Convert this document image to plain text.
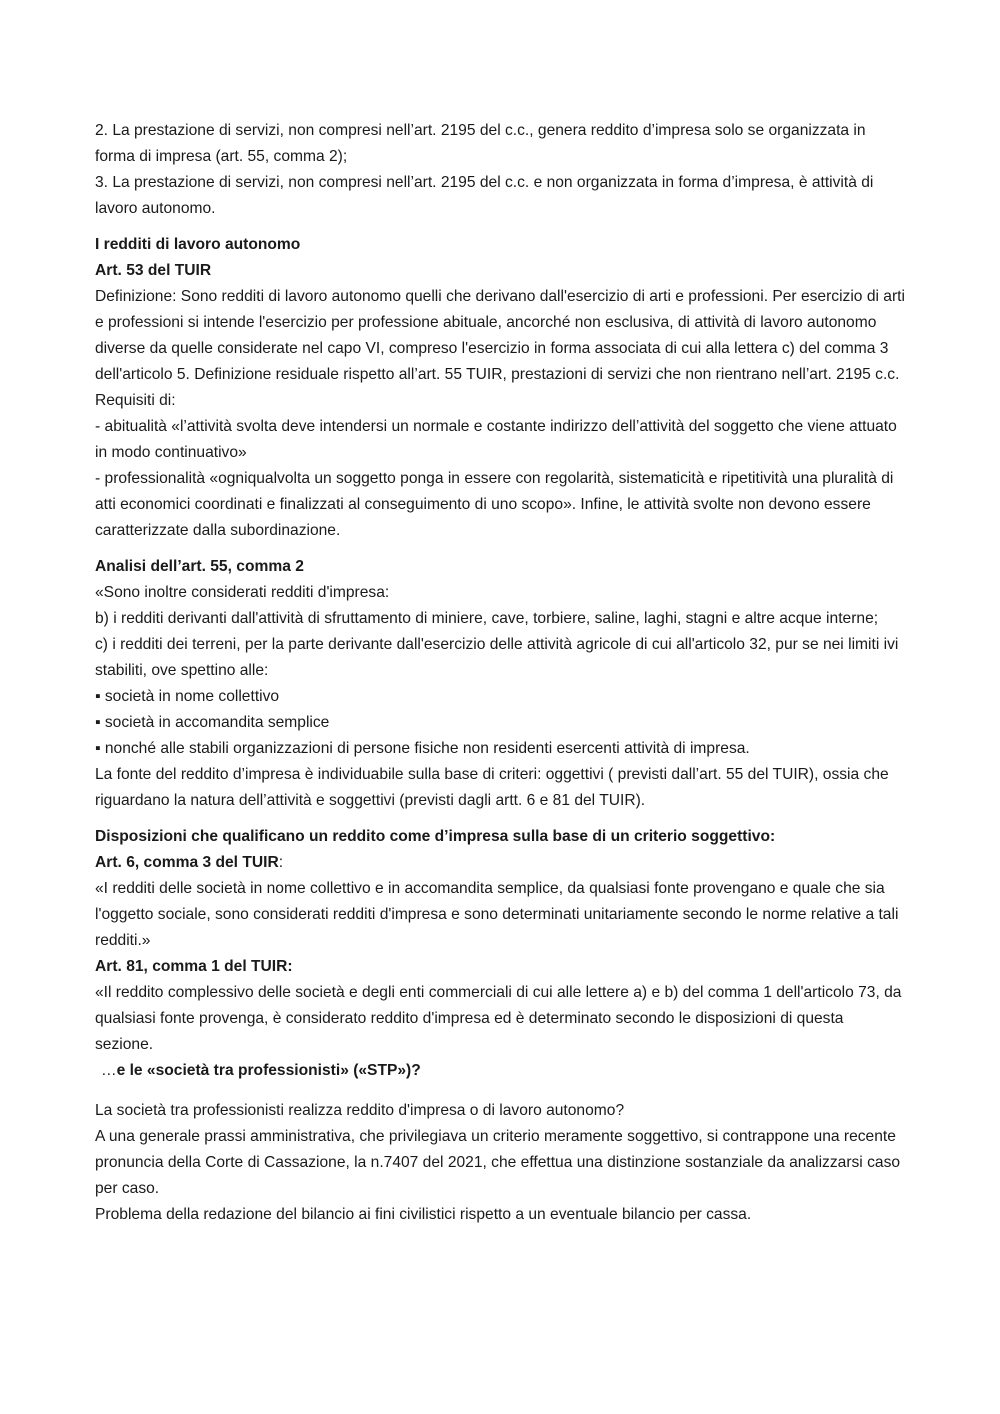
2. La prestazione di servizi, non compresi nell’art. 2195 del c.c., genera reddito d’impresa solo se organizzata in forma di impresa (art. 55, comma 2);

3. La prestazione di servizi, non compresi nell’art. 2195 del c.c. e non organizzata in forma d’impresa, è attività di lavoro autonomo.

I redditi di lavoro autonomo

Art. 53 del TUIR

Definizione: Sono redditi di lavoro autonomo quelli che derivano dall'esercizio di arti e professioni. Per esercizio di arti e professioni si intende l'esercizio per professione abituale, ancorché non esclusiva, di attività di lavoro autonomo diverse da quelle considerate nel capo VI, compreso l'esercizio in forma associata di cui alla lettera c) del comma 3 dell'articolo 5. Definizione residuale rispetto all’art. 55 TUIR, prestazioni di servizi che non rientrano nell’art. 2195 c.c.

Requisiti di:

- abitualità «l’attività svolta deve intendersi un normale e costante indirizzo dell’attività del soggetto che viene attuato in modo continuativo»

- professionalità «ogniqualvolta un soggetto ponga in essere con regolarità, sistematicità e ripetitività una pluralità di atti economici coordinati e finalizzati al conseguimento di uno scopo». Infine, le attività svolte non devono essere caratterizzate dalla subordinazione.

Analisi dell’art. 55, comma 2

«Sono inoltre considerati redditi d'impresa:

b) i redditi derivanti dall'attività di sfruttamento di miniere, cave, torbiere, saline, laghi, stagni e altre acque interne;

c) i redditi dei terreni, per la parte derivante dall'esercizio delle attività agricole di cui all'articolo 32, pur se nei limiti ivi stabiliti, ove spettino alle:

▪ società in nome collettivo

▪ società in accomandita semplice

▪ nonché alle stabili organizzazioni di persone fisiche non residenti esercenti attività di impresa.

La fonte del reddito d’impresa è individuabile sulla base di criteri: oggettivi ( previsti dall’art. 55 del TUIR), ossia che riguardano la natura dell’attività e soggettivi (previsti dagli artt. 6 e 81 del TUIR).

Disposizioni che qualificano un reddito come d’impresa sulla base di un criterio soggettivo:

Art. 6, comma 3 del TUIR:

«I redditi delle società in nome collettivo e in accomandita semplice, da qualsiasi fonte provengano e quale che sia l'oggetto sociale, sono considerati redditi d'impresa e sono determinati unitariamente secondo le norme relative a tali redditi.»

Art. 81, comma 1 del TUIR:

«Il reddito complessivo delle società e degli enti commerciali di cui alle lettere a) e b) del comma 1 dell'articolo 73, da qualsiasi fonte provenga, è considerato reddito d'impresa ed è determinato secondo le disposizioni di questa sezione.

…e le «società tra professionisti» («STP»)?

La società tra professionisti realizza reddito d'impresa o di lavoro autonomo?

A una generale prassi amministrativa, che privilegiava un criterio meramente soggettivo, si contrappone una recente pronuncia della Corte di Cassazione, la n.7407 del 2021, che effettua una distinzione sostanziale da analizzarsi caso per caso.

Problema della redazione del bilancio ai fini civilistici rispetto a un eventuale bilancio per cassa.
